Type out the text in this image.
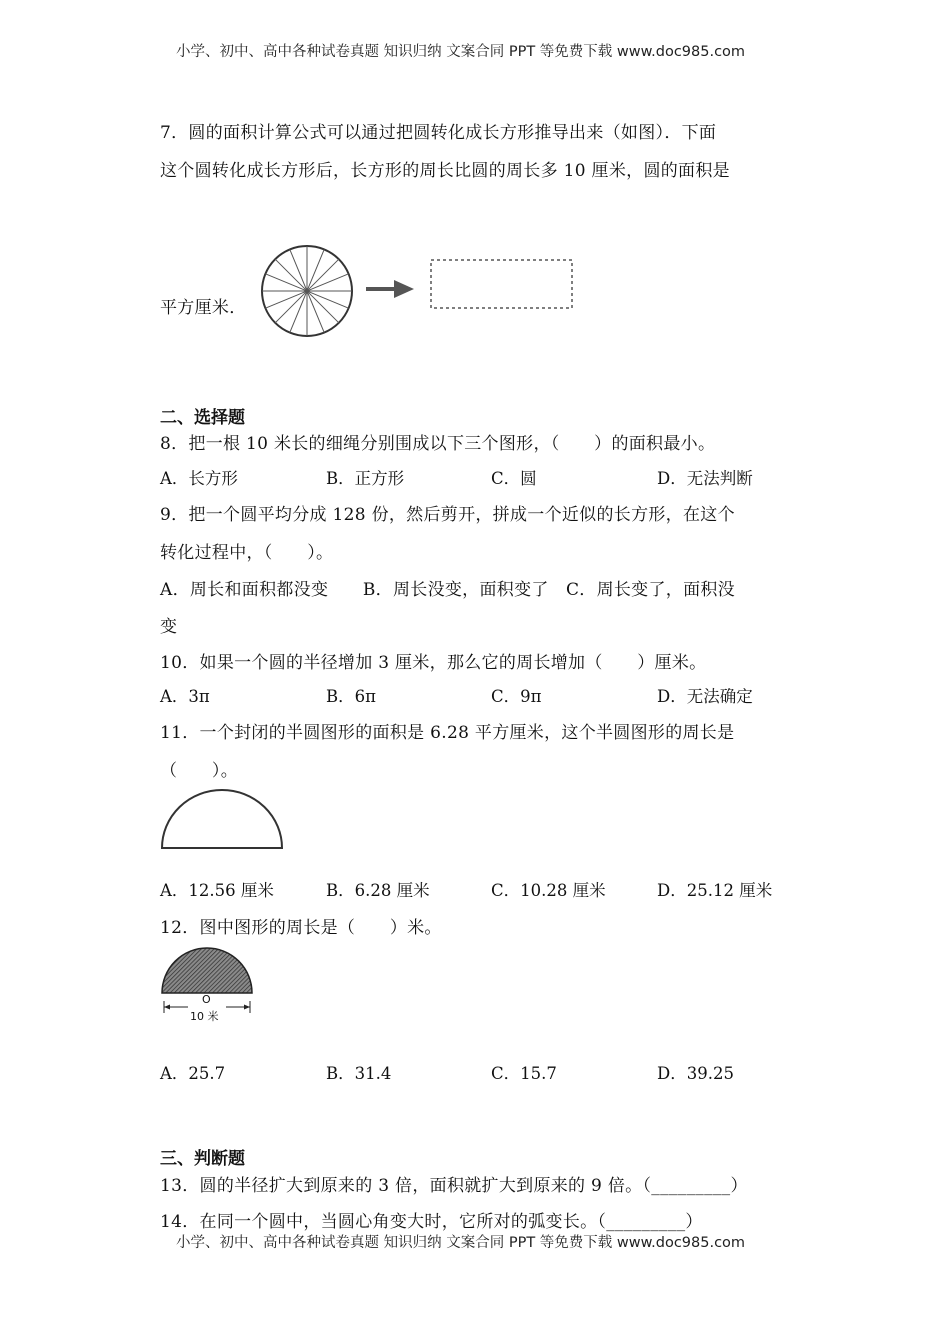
小学、初中、高中各种试卷真题 知识归纳 文案合同 PPT 等免费下载 www.doc985.com
7．圆的面积计算公式可以通过把圆转化成长方形推导出来（如图）．下面
这个圆转化成长方形后，长方形的周长比圆的周长多 10 厘米，圆的面积是
平方厘米．
二、选择题
8．把一根 10 米长的细绳分别围成以下三个图形，（　　）的面积最小。
A．长方形	B．正方形	C．圆	D．无法判断
9．把一个圆平均分成 128 份，然后剪开，拼成一个近似的长方形，在这个
转化过程中，（　　）。
A．周长和面积都没变　　B．周长没变，面积变了　C．周长变了，面积没
变
10．如果一个圆的半径增加 3 厘米，那么它的周长增加（　　）厘米。
A．3π	B．6π	C．9π	D．无法确定
11．一个封闭的半圆图形的面积是 6.28 平方厘米，这个半圆图形的周长是
（　　）。
A．12.56 厘米	B．6.28 厘米	C．10.28 厘米	D．25.12 厘米
12．图中图形的周长是（　　）米。
O
10 米
A．25.7	B．31.4	C．15.7	D．39.25
三、判断题
13．圆的半径扩大到原来的 3 倍，面积就扩大到原来的 9 倍。（_________）
14．在同一个圆中，当圆心角变大时，它所对的弧变长。（_________）
小学、初中、高中各种试卷真题 知识归纳 文案合同 PPT 等免费下载 www.doc985.com
